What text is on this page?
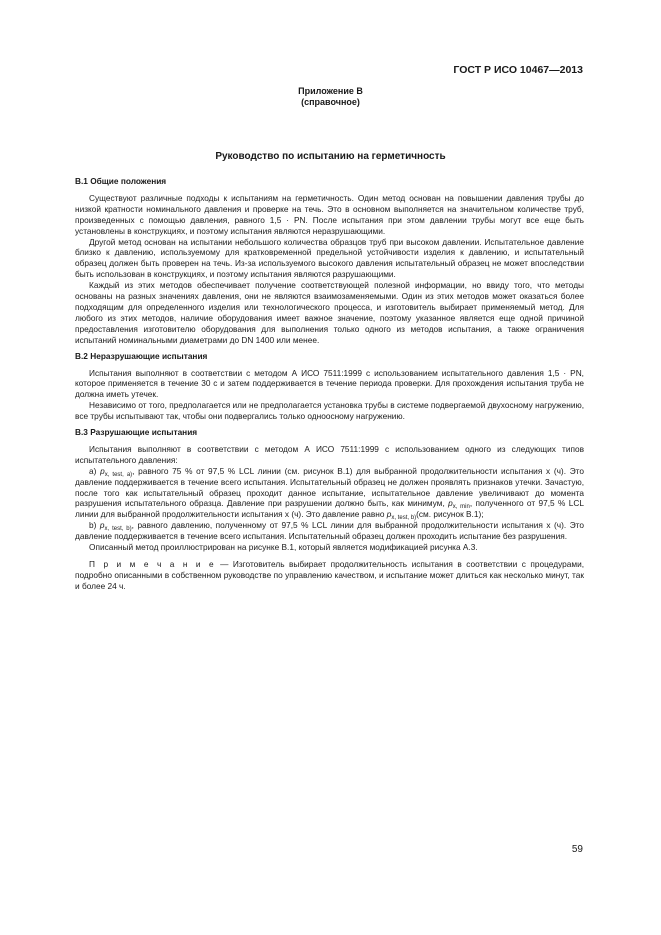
ГОСТ Р ИСО 10467—2013
Приложение В
(справочное)
Руководство по испытанию на герметичность
В.1 Общие положения

Существуют различные подходы к испытаниям на герметичность. Один метод основан на повышении давления трубы до низкой кратности номинального давления и проверке на течь. Это в основном выполняется на значительном количестве труб, произведенных с помощью давления, равного 1,5 · PN. После испытания при этом давлении трубы могут все еще быть установлены в конструкциях, и поэтому испытания являются неразрушающими.

Другой метод основан на испытании небольшого количества образцов труб при высоком давлении. Испытательное давление близко к давлению, используемому для кратковременной предельной устойчивости изделия к давлению, и испытательный образец должен быть проверен на течь. Из-за используемого высокого давления испытательный образец не может впоследствии быть использован в конструкциях, и поэтому испытания являются разрушающими.

Каждый из этих методов обеспечивает получение соответствующей полезной информации, но ввиду того, что методы основаны на разных значениях давления, они не являются взаимозаменяемыми. Один из этих методов может оказаться более подходящим для определенного изделия или технологического процесса, и изготовитель выбирает применяемый метод. Для любого из этих методов, наличие оборудования имеет важное значение, поэтому указанное является еще одной причиной предоставления изготовителю оборудования для выполнения только одного из методов испытания, а также ограничения испытаний номинальными диаметрами до DN 1400 или менее.

В.2 Неразрушающие испытания

Испытания выполняют в соответствии с методом А ИСО 7511:1999 с использованием испытательного давления 1,5 · PN, которое применяется в течение 30 с и затем поддерживается в течение периода проверки. Для прохождения испытания труба не должна иметь утечек.

Независимо от того, предполагается или не предполагается установка трубы в системе подвергаемой двухосному нагружению, все трубы испытывают так, чтобы они подвергались только одноосному нагружению.

В.3 Разрушающие испытания

Испытания выполняют в соответствии с методом А ИСО 7511:1999 с использованием одного из следующих типов испытательного давления:

а) $p_{x, test, a)}$, равного 75 % от 97,5 % LCL линии (см. рисунок В.1) для выбранной продолжительности испытания x (ч). Это давление поддерживается в течение всего испытания. Испытательный образец не должен проявлять признаков утечки. Зачастую, после того как испытательный образец проходит данное испытание, испытательное давление увеличивают до момента разрушения испытательного образца. Давление при разрушении должно быть, как минимум, $p_{x, min}$, полученного от 97,5 % LCL линии для выбранной продолжительности испытания x (ч). Это давление равно $p_{x, test, b)}(см$. рисунок В.1);

b) $p_{x, test, b)}$, равного давлению, полученному от 97,5 % LCL линии для выбранной продолжительности испытания x (ч). Это давление поддерживается в течение всего испытания. Испытательный образец должен проходить испытание без разрушения.

Описанный метод проиллюстрирован на рисунке В.1, который является модификацией рисунка А.3.

П р и м е ч а н и е — Изготовитель выбирает продолжительность испытания в соответствии с процедурами, подробно описанными в собственном руководстве по управлению качеством, и испытание может длиться как несколько минут, так и более 24 ч.

59
